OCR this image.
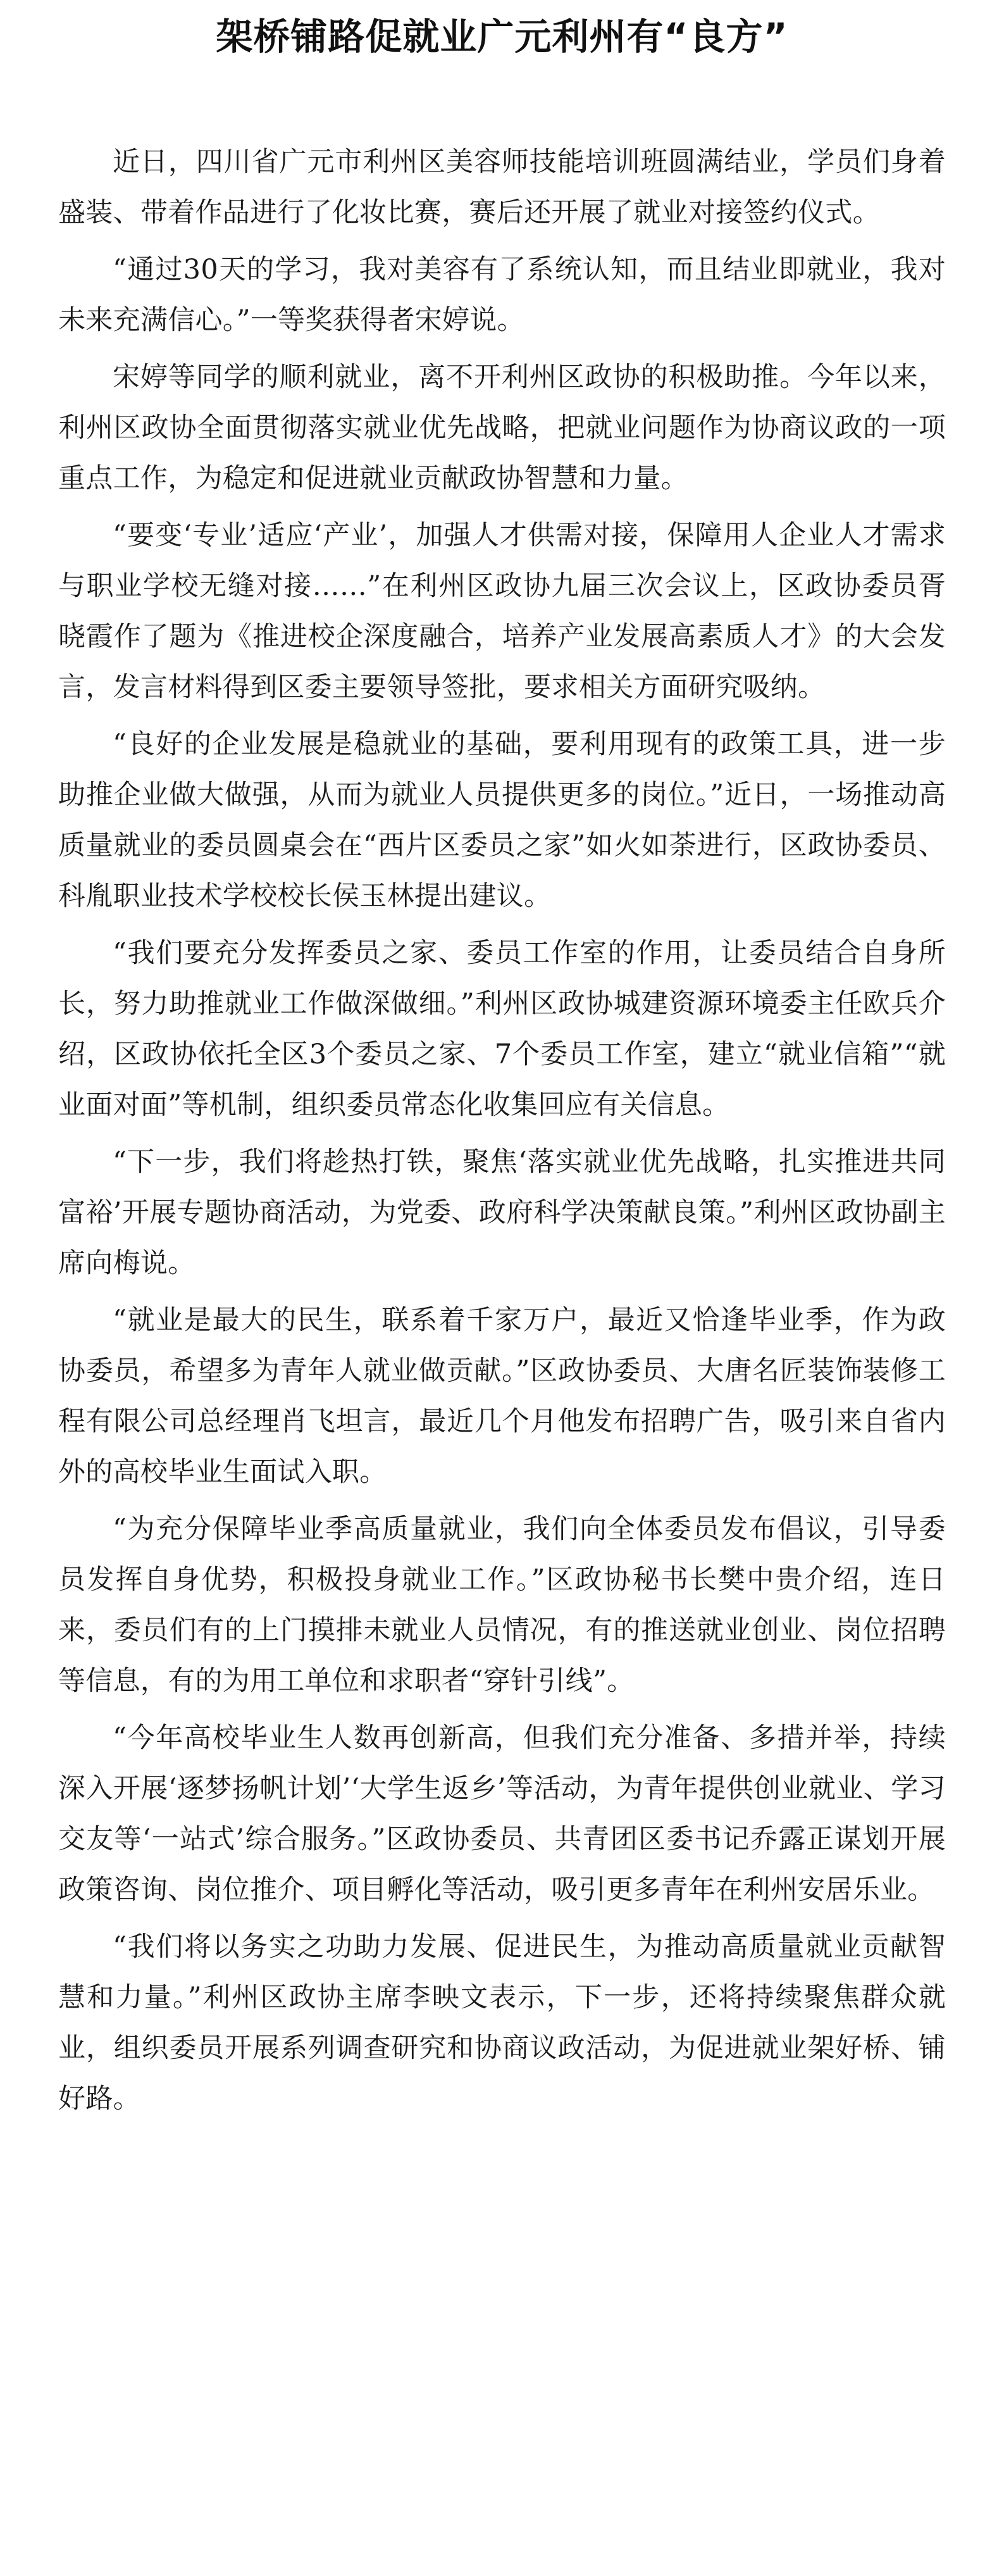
架桥铺路促就业广元利州有“良方”

近日，四川省广元市利州区美容师技能培训班圆满结业，学员们身着盛装、带着作品进行了化妆比赛，赛后还开展了就业对接签约仪式。

“通过30天的学习，我对美容有了系统认知，而且结业即就业，我对未来充满信心。”一等奖获得者宋婷说。

宋婷等同学的顺利就业，离不开利州区政协的积极助推。今年以来，利州区政协全面贯彻落实就业优先战略，把就业问题作为协商议政的一项重点工作，为稳定和促进就业贡献政协智慧和力量。

“要变‘专业’适应‘产业’，加强人才供需对接，保障用人企业人才需求与职业学校无缝对接……”在利州区政协九届三次会议上，区政协委员胥晓霞作了题为《推进校企深度融合，培养产业发展高素质人才》的大会发言，发言材料得到区委主要领导签批，要求相关方面研究吸纳。

“良好的企业发展是稳就业的基础，要利用现有的政策工具，进一步助推企业做大做强，从而为就业人员提供更多的岗位。”近日，一场推动高质量就业的委员圆桌会在“西片区委员之家”如火如荼进行，区政协委员、科胤职业技术学校校长侯玉林提出建议。

“我们要充分发挥委员之家、委员工作室的作用，让委员结合自身所长，努力助推就业工作做深做细。”利州区政协城建资源环境委主任欧兵介绍，区政协依托全区3个委员之家、7个委员工作室，建立“就业信箱”“就业面对面”等机制，组织委员常态化收集回应有关信息。

“下一步，我们将趁热打铁，聚焦‘落实就业优先战略，扎实推进共同富裕’开展专题协商活动，为党委、政府科学决策献良策。”利州区政协副主席向梅说。

“就业是最大的民生，联系着千家万户，最近又恰逢毕业季，作为政协委员，希望多为青年人就业做贡献。”区政协委员、大唐名匠装饰装修工程有限公司总经理肖飞坦言，最近几个月他发布招聘广告，吸引来自省内外的高校毕业生面试入职。

“为充分保障毕业季高质量就业，我们向全体委员发布倡议，引导委员发挥自身优势，积极投身就业工作。”区政协秘书长樊中贵介绍，连日来，委员们有的上门摸排未就业人员情况，有的推送就业创业、岗位招聘等信息，有的为用工单位和求职者“穿针引线”。

“今年高校毕业生人数再创新高，但我们充分准备、多措并举，持续深入开展‘逐梦扬帆计划’‘大学生返乡’等活动，为青年提供创业就业、学习交友等‘一站式’综合服务。”区政协委员、共青团区委书记乔露正谋划开展政策咨询、岗位推介、项目孵化等活动，吸引更多青年在利州安居乐业。

“我们将以务实之功助力发展、促进民生，为推动高质量就业贡献智慧和力量。”利州区政协主席李映文表示，下一步，还将持续聚焦群众就业，组织委员开展系列调查研究和协商议政活动，为促进就业架好桥、铺好路。
